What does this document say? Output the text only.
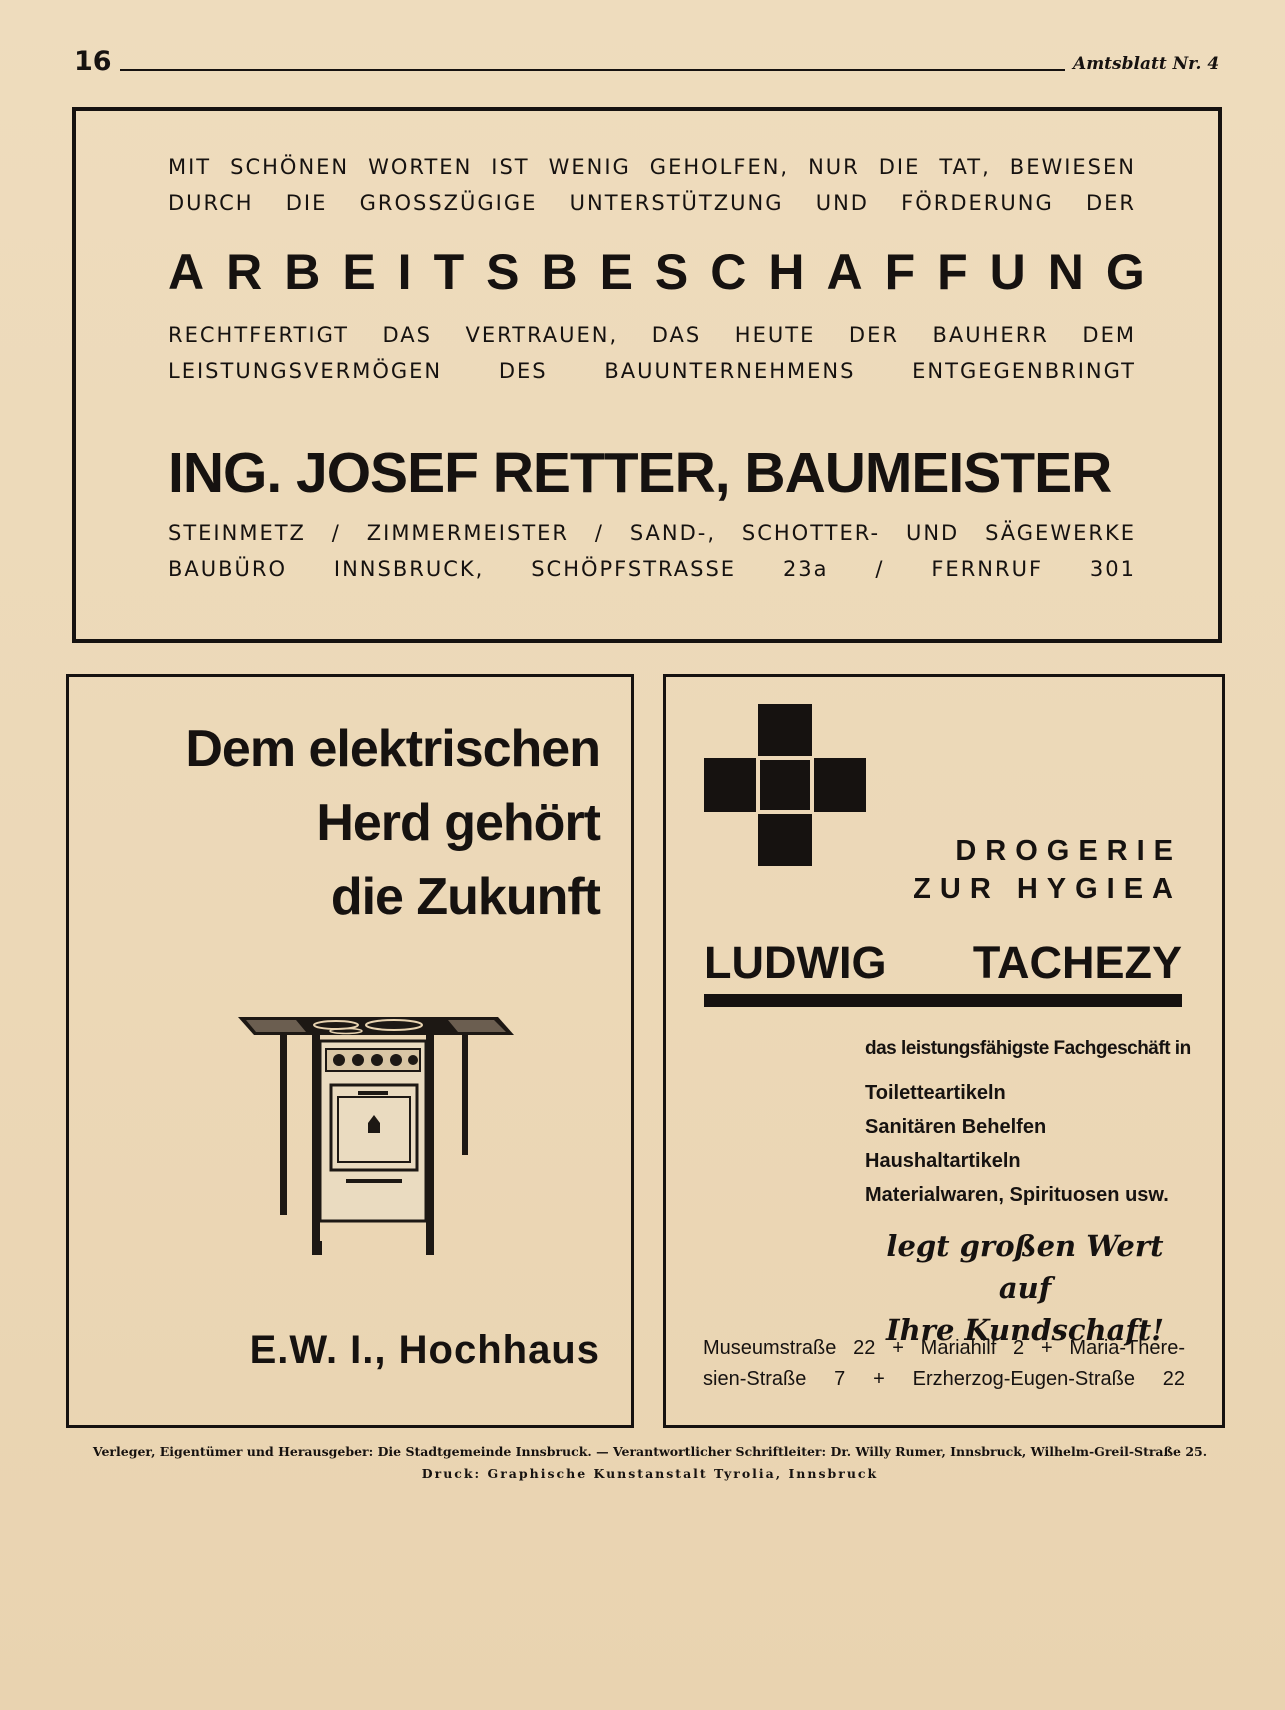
16	Amtsblatt Nr. 4
MIT SCHÖNEN WORTEN IST WENIG GEHOLFEN, NUR DIE TAT, BEWIESEN
DURCH DIE GROSSZÜGIGE UNTERSTÜTZUNG UND FÖRDERUNG DER
ARBEITSBESCHAFFUNG
RECHTFERTIGT DAS VERTRAUEN, DAS HEUTE DER BAUHERR DEM
LEISTUNGSVERMÖGEN DES BAUUNTERNEHMENS ENTGEGENBRINGT
ING. JOSEF RETTER, BAUMEISTER
STEINMETZ / ZIMMERMEISTER / SAND-, SCHOTTER- UND SÄGEWERKE
BAUBÜRO INNSBRUCK, SCHÖPFSTRASSE 23a / FERNRUF 301
Dem elektrischen
Herd gehört
die Zukunft
E.W. I., Hochhaus
DROGERIE
ZUR HYGIEA
LUDWIG TACHEZY
das leistungsfähigste Fachgeschäft in
Toiletteartikeln
Sanitären Behelfen
Haushaltartikeln
Materialwaren, Spirituosen usw.
legt großen Wert auf
Ihre Kundschaft!
Museumstraße 22 + Mariahilf 2 + Maria-There-
sien-Straße 7 + Erzherzog-Eugen-Straße 22
Verleger, Eigentümer und Herausgeber: Die Stadtgemeinde Innsbruck. — Verantwortlicher Schriftleiter: Dr. Willy Rumer, Innsbruck, Wilhelm-Greil-Straße 25.
Druck: Graphische Kunstanstalt Tyrolia, Innsbruck
